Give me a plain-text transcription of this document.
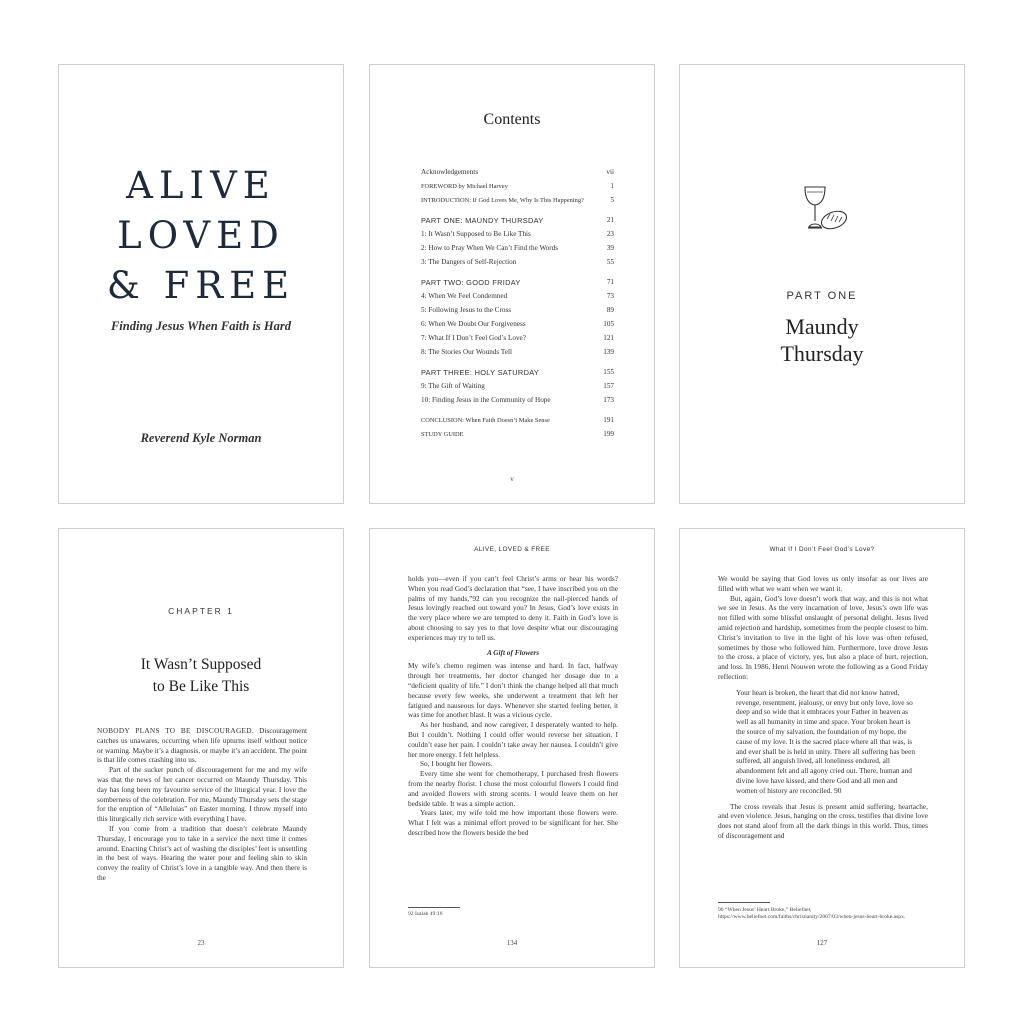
ALIVE
LOVED
& FREE
Finding Jesus When Faith is Hard
Reverend Kyle Norman
Contents
Acknowledgements	vii
FOREWORD by Michael Harvey	1
INTRODUCTION: If God Loves Me, Why Is This Happening?	5
PART ONE: MAUNDY THURSDAY	21
1: It Wasn’t Supposed to Be Like This	23
2: How to Pray When We Can’t Find the Words	39
3: The Dangers of Self-Rejection	55
PART TWO: GOOD FRIDAY	71
4: When We Feel Condemned	73
5: Following Jesus to the Cross	89
6: When We Doubt Our Forgiveness	105
7: What If I Don’t Feel God’s Love?	121
8: The Stories Our Wounds Tell	139
PART THREE: HOLY SATURDAY	155
9: The Gift of Waiting	157
10: Finding Jesus in the Community of Hope	173
CONCLUSION: When Faith Doesn’t Make Sense	191
STUDY GUIDE	199
v
PART ONE
Maundy
Thursday
CHAPTER 1
It Wasn’t Supposed
to Be Like This

NOBODY PLANS TO BE DISCOURAGED. Discouragement catches us unawares, occurring when life upturns itself without notice or warning. Maybe it’s a diagnosis, or maybe it’s an accident. The point is that life comes crashing into us.

Part of the sucker punch of discouragement for me and my wife was that the news of her cancer occurred on Maundy Thursday. This day has long been my favourite service of the liturgical year. I love the somberness of the celebration. For me, Maundy Thursday sets the stage for the eruption of “Alleluias” on Easter morning. I throw myself into this liturgically rich service with everything I have.

If you come from a tradition that doesn’t celebrate Maundy Thursday, I encourage you to take in a service the next time it comes around. Enacting Christ’s act of washing the disciples’ feet is unsettling in the best of ways. Hearing the water pour and feeling skin to skin convey the reality of Christ’s love in a tangible way. And then there is the

23
ALIVE, LOVED & FREE

holds you—even if you can’t feel Christ’s arms or hear his words? When you read God’s declaration that “see, I have inscribed you on the palms of my hands,”92 can you recognize the nail-pierced hands of Jesus lovingly reached out toward you? In Jesus, God’s love exists in the very place where we are tempted to deny it. Faith in God’s love is about choosing to say yes to that love despite what our discouraging experiences may try to tell us.

A Gift of Flowers

My wife’s chemo regimen was intense and hard. In fact, halfway through her treatments, her doctor changed her dosage due to a “deficient quality of life.” I don’t think the change helped all that much because every few weeks, she underwent a treatment that left her fatigued and nauseous for days. Whenever she started feeling better, it was time for another blast. It was a vicious cycle.

As her husband, and now caregiver, I desperately wanted to help. But I couldn’t. Nothing I could offer would reverse her situation. I couldn’t ease her pain. I couldn’t take away her nausea. I couldn’t give her more energy. I felt helpless.

So, I bought her flowers.

Every time she went for chemotherapy, I purchased fresh flowers from the nearby florist. I chose the most colourful flowers I could find and avoided flowers with strong scents. I would leave them on her bedside table. It was a simple action.

Years later, my wife told me how important those flowers were. What I felt was a minimal effort proved to be significant for her. She described how the flowers beside the bed

92 Isaiah 49:16
134
What If I Don’t Feel God’s Love?

We would be saying that God loves us only insofar as our lives are filled with what we want when we want it.

But, again, God’s love doesn’t work that way, and this is not what we see in Jesus. As the very incarnation of love, Jesus’s own life was not filled with some blissful onslaught of personal delight. Jesus lived amid rejection and hardship, sometimes from the people closest to him. Christ’s invitation to live in the light of his love was often refused, sometimes by those who followed him. Furthermore, love drove Jesus to the cross, a place of victory, yes, but also a place of hurt, rejection, and loss. In 1986, Henri Nouwen wrote the following as a Good Friday reflection:

Your heart is broken, the heart that did not know hatred, revenge, resentment, jealousy, or envy but only love, love so deep and so wide that it embraces your Father in heaven as well as all humanity in time and space. Your broken heart is the source of my salvation, the foundation of my hope, the cause of my love. It is the sacred place where all that was, is and ever shall be is held in unity. There all suffering has been suffered, all anguish lived, all loneliness endured, all abandonment felt and all agony cried out. There, human and divine love have kissed, and there God and all men and women of history are reconciled. 90

The cross reveals that Jesus is present amid suffering, heartache, and even violence. Jesus, hanging on the cross, testifies that divine love does not stand aloof from all the dark things in this world. Thus, times of discouragement and

90 “When Jesus’ Heart Broke,” Beliefnet, https://www.beliefnet.com/faiths/christianity/2007/03/when-jesus-heart-broke.aspx.
127
